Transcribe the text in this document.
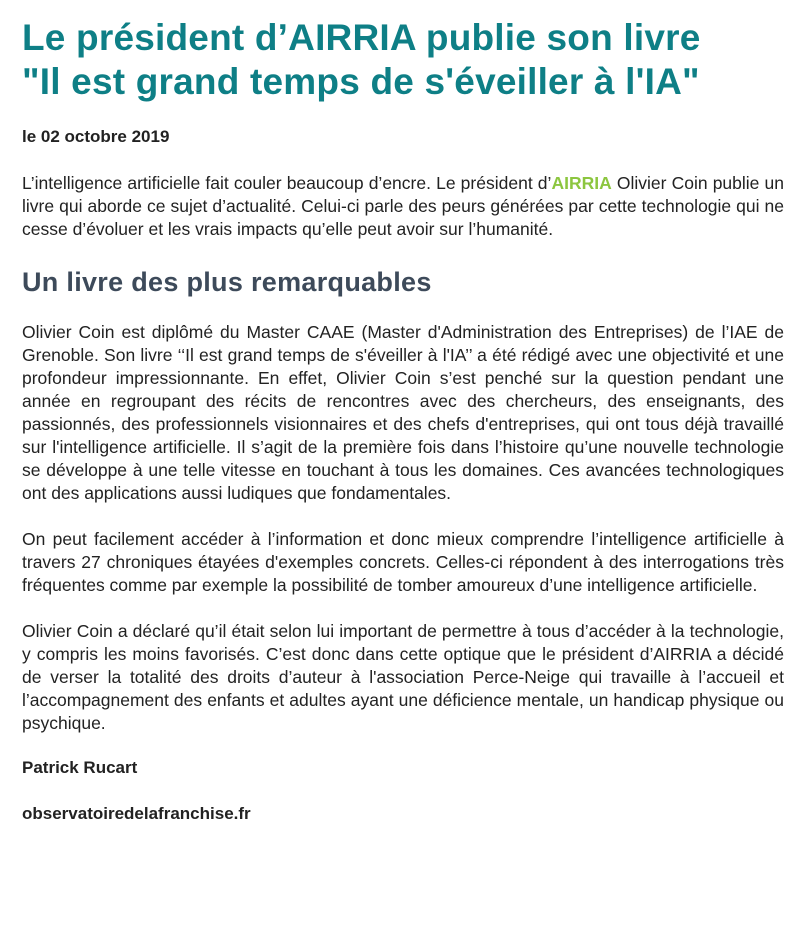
Le président d’AIRRIA publie son livre
"Il est grand temps de s'éveiller à l'IA"
le 02 octobre 2019

L’intelligence artificielle fait couler beaucoup d’encre. Le président d’AIRRIA Olivier Coin publie un livre qui aborde ce sujet d’actualité. Celui-ci parle des peurs générées par cette technologie qui ne cesse d’évoluer et les vrais impacts qu’elle peut avoir sur l’humanité.

Un livre des plus remarquables

Olivier Coin est diplômé du Master CAAE (Master d'Administration des Entreprises) de l’IAE de Grenoble. Son livre ‘‘Il est grand temps de s'éveiller à l'IA’’ a été rédigé avec une objectivité et une profondeur impressionnante. En effet, Olivier Coin s’est penché sur la question pendant une année en regroupant des récits de rencontres avec des chercheurs, des enseignants, des passionnés, des professionnels visionnaires et des chefs d'entreprises, qui ont tous déjà travaillé sur l'intelligence artificielle. Il s’agit de la première fois dans l’histoire qu’une nouvelle technologie se développe à une telle vitesse en touchant à tous les domaines. Ces avancées technologiques ont des applications aussi ludiques que fondamentales.

On peut facilement accéder à l’information et donc mieux comprendre l’intelligence artificielle à travers 27 chroniques étayées d'exemples concrets. Celles-ci répondent à des interrogations très fréquentes comme par exemple la possibilité de tomber amoureux d’une intelligence artificielle.

Olivier Coin a déclaré qu’il était selon lui important de permettre à tous d’accéder à la technologie, y compris les moins favorisés. C’est donc dans cette optique que le président d’AIRRIA a décidé de verser la totalité des droits d’auteur à l'association Perce-Neige qui travaille à l’accueil et l’accompagnement des enfants et adultes ayant une déficience mentale, un handicap physique ou psychique.

Patrick Rucart
observatoiredelafranchise.fr
